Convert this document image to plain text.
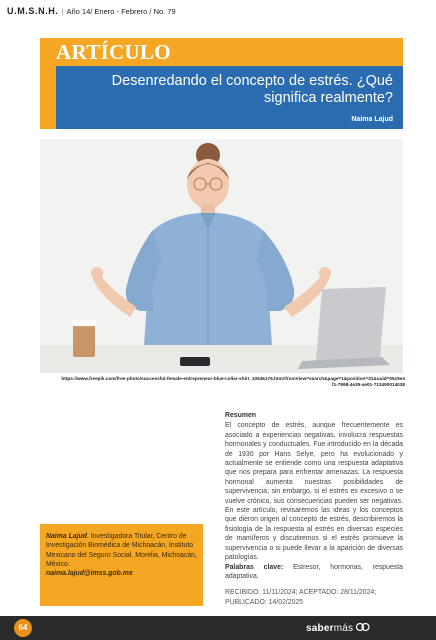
U.M.S.N.H. | Año 14/ Enero - Febrero / No. 79
ARTÍCULO
Desenredando el concepto de estrés. ¿Qué
significa realmente?
Naima Lajud
https://www.freepik.com/free-photo/successful-female-entrepreneur-blue-collar-shirt_10546176.htm#fromView=search&page=1&position=31&uuid=05c9e4f1-7998-4e29-ae01-713490014038
Resumen
El concepto de estrés, aunque frecuentemente es asociado a experiencias negativas, involucra respuestas hormonales y conductuales. Fue introducido en la década de 1930 por Hans Selye, pero ha evolucionado y actualmente se entiende como una respuesta adaptativa que nos prepara para enfrentar amenazas. La respuesta hormonal aumenta nuestras posibilidades de supervivencia; sin embargo, si el estrés es excesivo o se vuelve crónico, sus consecuencias pueden ser negativas. En este artículo, revisaremos las ideas y los conceptos que dieron origen al concepto de estrés, describiremos la fisiología de la respuesta al estrés en diversas especies de mamíferos y discutiremos si el estrés promueve la supervivencia o si puede llevar a la aparición de diversas patologías.
Palabras clave: Estresor, hormonas, respuesta adaptativa.
RECIBIDO: 11/11/2024; ACEPTADO: 28/11/2024; PUBLICADO: 14/02/2025
Naima Lajud. Investigadora Titular, Centro de Investigación Biomédica de Michoacán, Instituto Mexicano del Seguro Social. Morelia, Michoacán, México.
naima.lajud@imss.gob.mx
64	sabermás
